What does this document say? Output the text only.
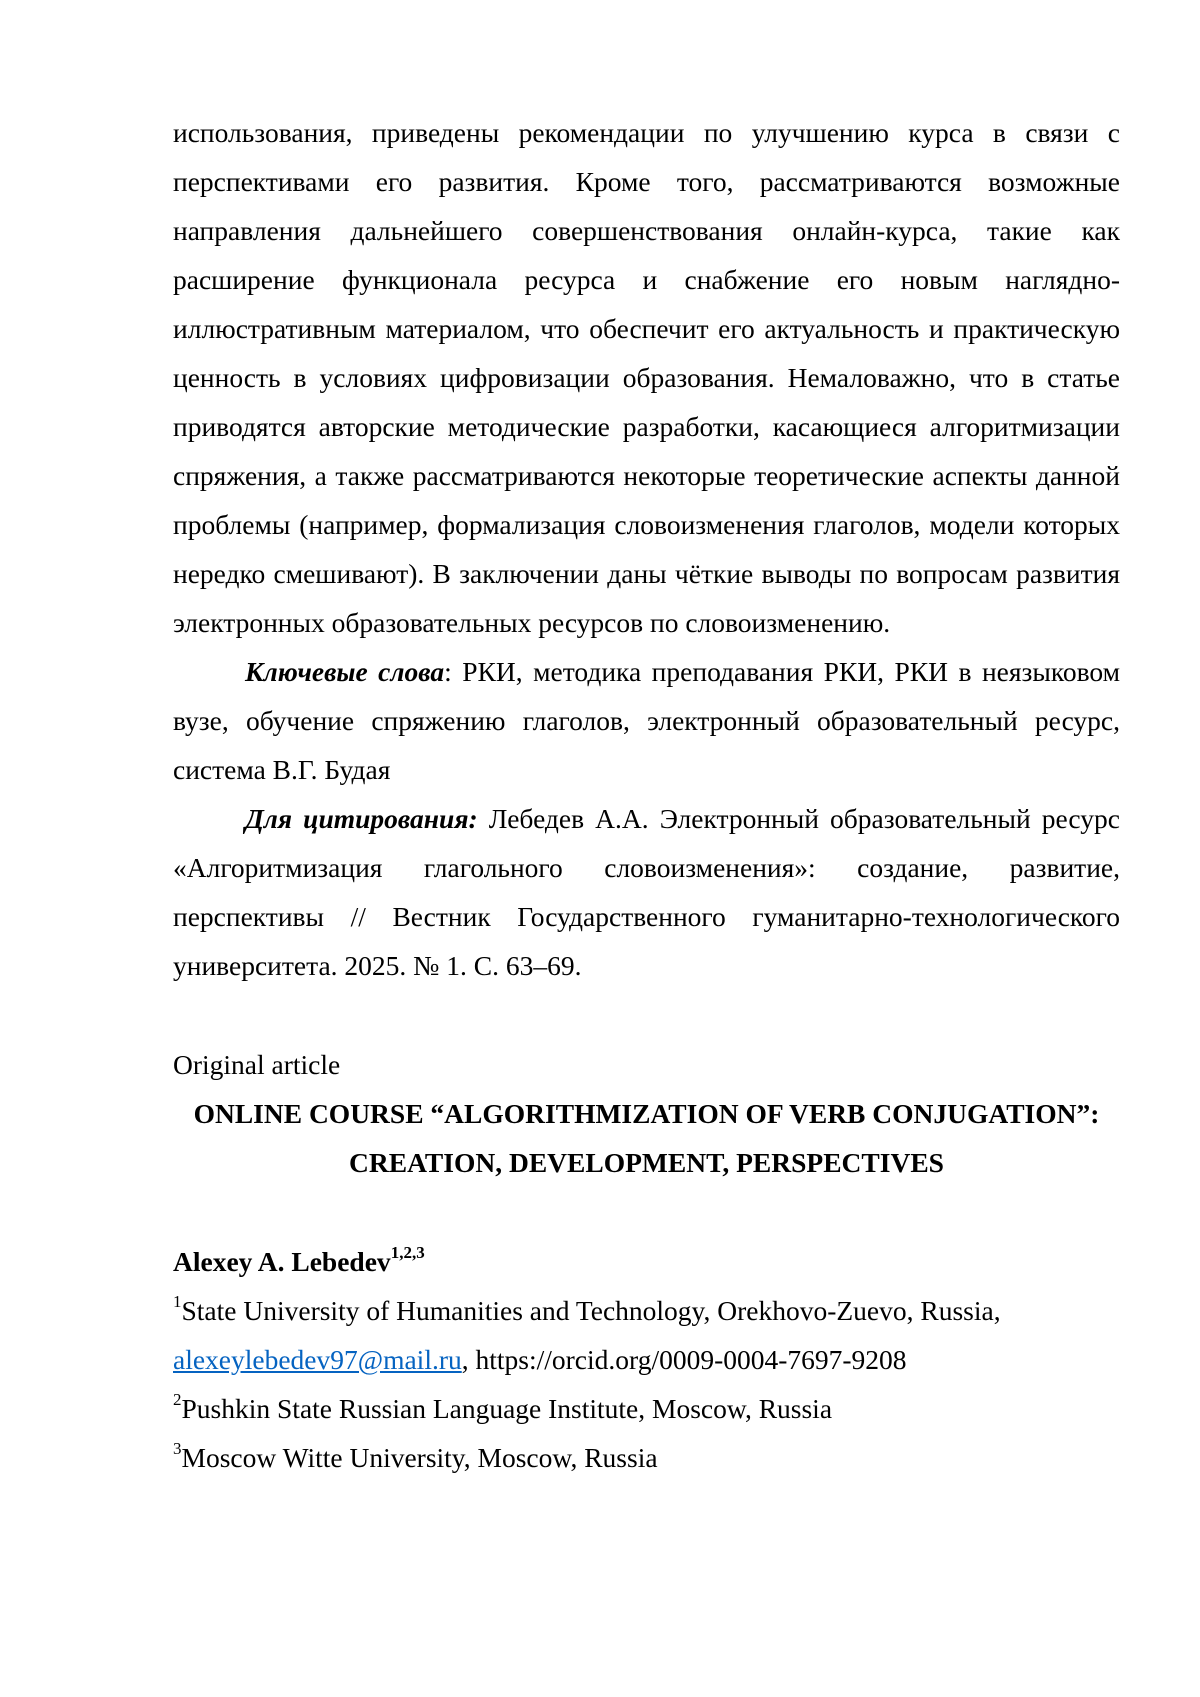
использования, приведены рекомендации по улучшению курса в связи с перспективами его развития. Кроме того, рассматриваются возможные направления дальнейшего совершенствования онлайн-курса, такие как расширение функционала ресурса и снабжение его новым наглядно-иллюстративным материалом, что обеспечит его актуальность и практическую ценность в условиях цифровизации образования. Немаловажно, что в статье приводятся авторские методические разработки, касающиеся алгоритмизации спряжения, а также рассматриваются некоторые теоретические аспекты данной проблемы (например, формализация словоизменения глаголов, модели которых нередко смешивают). В заключении даны чёткие выводы по вопросам развития электронных образовательных ресурсов по словоизменению.

Ключевые слова: РКИ, методика преподавания РКИ, РКИ в неязыковом вузе, обучение спряжению глаголов, электронный образовательный ресурс, система В.Г. Будая

Для цитирования: Лебедев А.А. Электронный образовательный ресурс «Алгоритмизация глагольного словоизменения»: создание, развитие, перспективы // Вестник Государственного гуманитарно-технологического университета. 2025. № 1. С. 63–69.

Original article

ONLINE COURSE “ALGORITHMIZATION OF VERB CONJUGATION”:

CREATION, DEVELOPMENT, PERSPECTIVES

Alexey A. Lebedev1,2,3

1State University of Humanities and Technology, Orekhovo-Zuevo, Russia,

alexeylebedev97@mail.ru, https://orcid.org/0009-0004-7697-9208

2Pushkin State Russian Language Institute, Moscow, Russia

3Moscow Witte University, Moscow, Russia
